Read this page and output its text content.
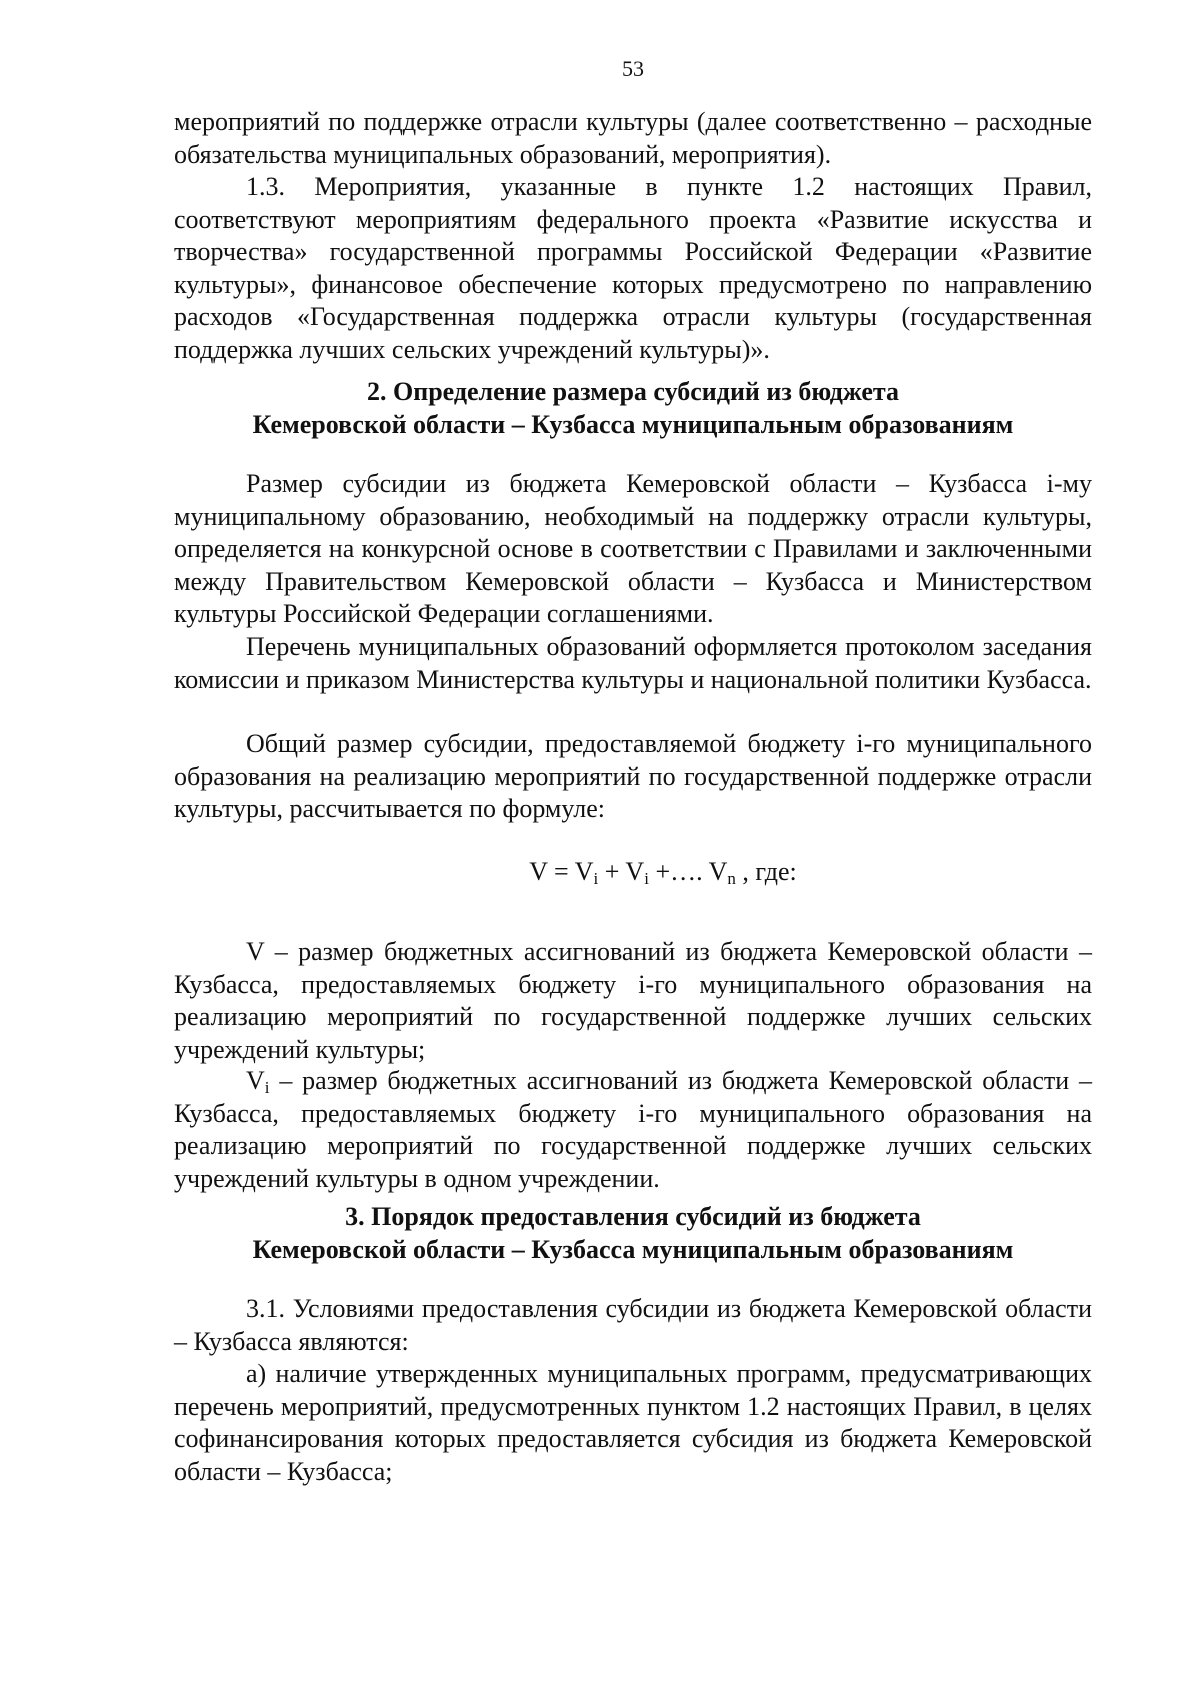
53

мероприятий по поддержке отрасли культуры (далее соответственно – расходные обязательства муниципальных образований, мероприятия).

1.3. Мероприятия, указанные в пункте 1.2 настоящих Правил, соответствуют мероприятиям федерального проекта «Развитие искусства и творчества» государственной программы Российской Федерации «Развитие культуры», финансовое обеспечение которых предусмотрено по направлению расходов «Государственная поддержка отрасли культуры (государственная поддержка лучших сельских учреждений культуры)».

2. Определение размера субсидий из бюджета

Кемеровской области – Кузбасса муниципальным образованиям

Размер субсидии из бюджета Кемеровской области – Кузбасса i-му муниципальному образованию, необходимый на поддержку отрасли культуры, определяется на конкурсной основе в соответствии с Правилами и заключенными между Правительством Кемеровской области – Кузбасса и Министерством культуры Российской Федерации соглашениями.

Перечень муниципальных образований оформляется протоколом заседания комиссии и приказом Министерства культуры и национальной политики Кузбасса.

Общий размер субсидии, предоставляемой бюджету i-го муниципального образования на реализацию мероприятий по государственной поддержке отрасли культуры, рассчитывается по формуле:

$V = V_i + V_i$ +…. $V_n$ , где:

V – размер бюджетных ассигнований из бюджета Кемеровской области – Кузбасса, предоставляемых бюджету i-го муниципального образования на реализацию мероприятий по государственной поддержке лучших сельских учреждений культуры;

$V_i$ – размер бюджетных ассигнований из бюджета Кемеровской области – Кузбасса, предоставляемых бюджету i-го муниципального образования на реализацию мероприятий по государственной поддержке лучших сельских учреждений культуры в одном учреждении.

3. Порядок предоставления субсидий из бюджета

Кемеровской области – Кузбасса муниципальным образованиям

3.1. Условиями предоставления субсидии из бюджета Кемеровской области – Кузбасса являются:

а) наличие утвержденных муниципальных программ, предусматривающих перечень мероприятий, предусмотренных пунктом 1.2 настоящих Правил, в целях софинансирования которых предоставляется субсидия из бюджета Кемеровской области – Кузбасса;
